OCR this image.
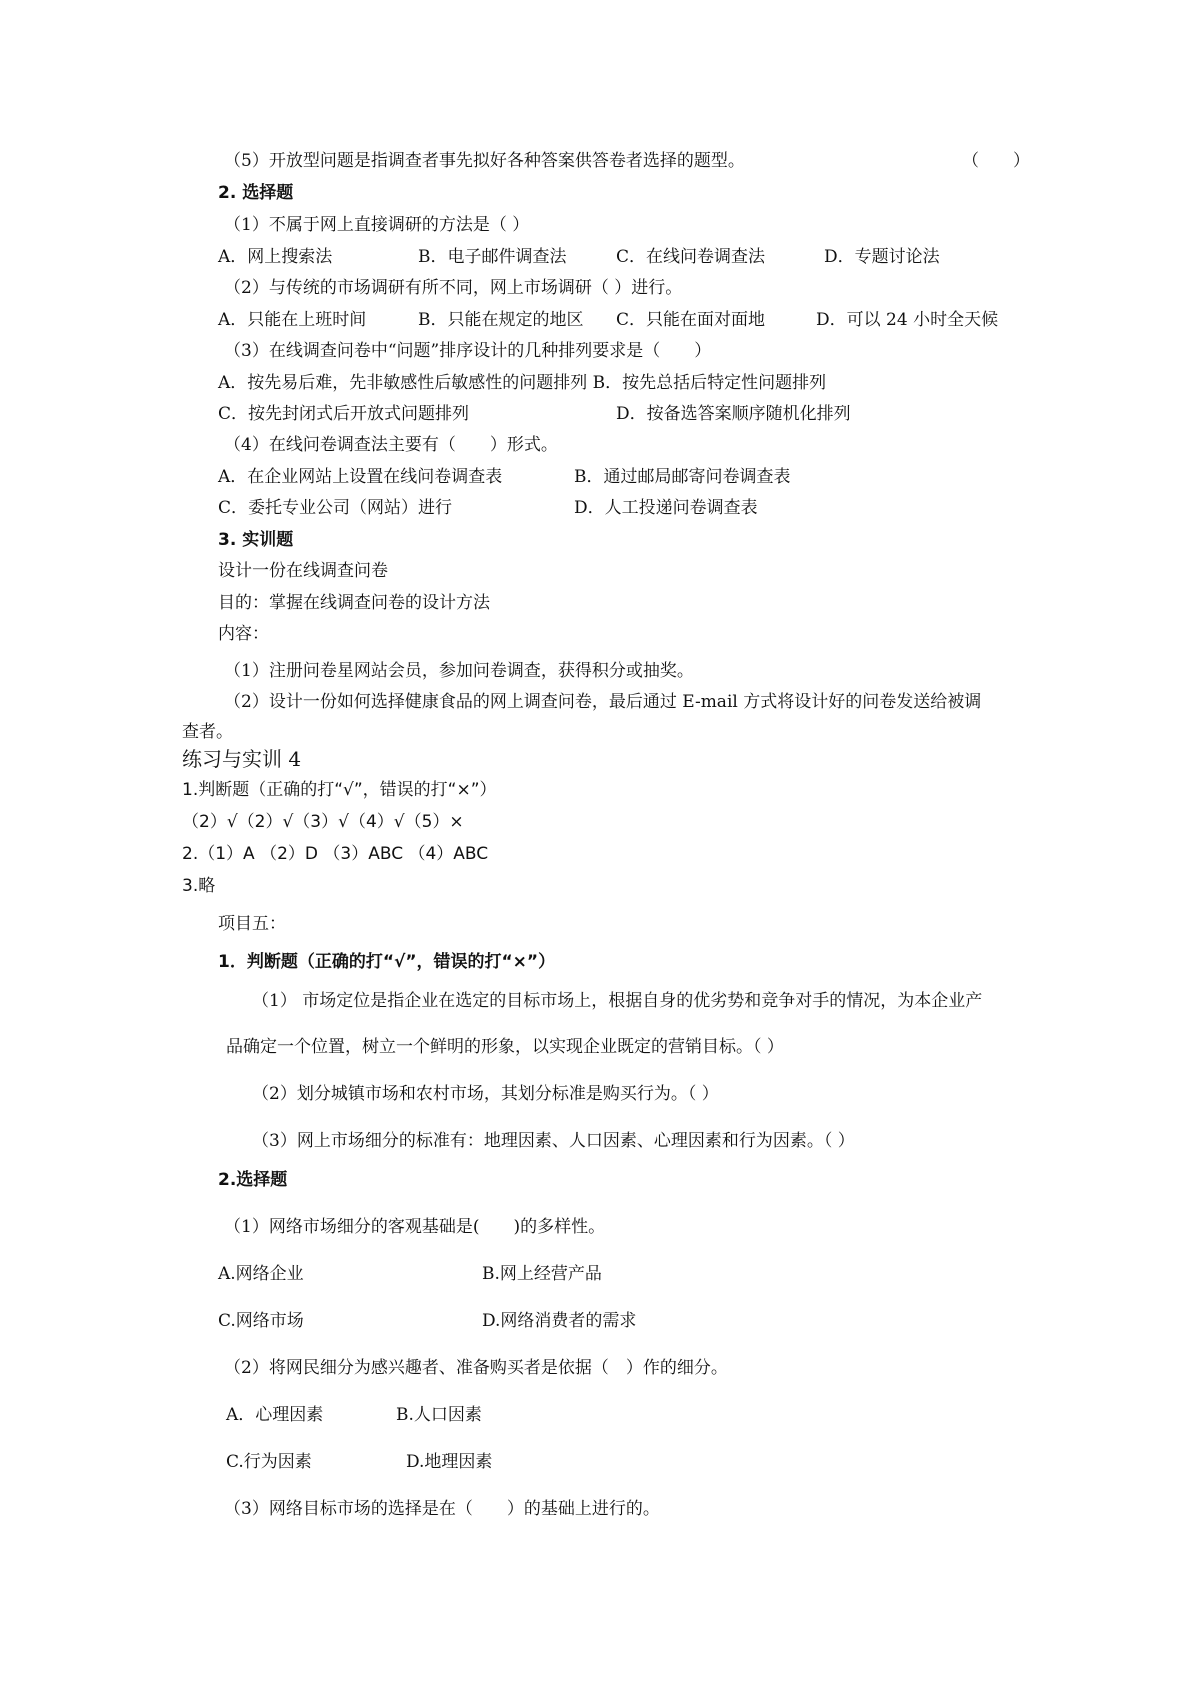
（5）开放型问题是指调查者事先拟好各种答案供答卷者选择的题型。	（　　）
2. 选择题
（1）不属于网上直接调研的方法是（ ）
A．网上搜索法	B．电子邮件调查法	C．在线问卷调查法	D．专题讨论法
（2）与传统的市场调研有所不同，网上市场调研（ ）进行。
A．只能在上班时间	B．只能在规定的地区 C．只能在面对面地	D．可以 24 小时全天候
（3）在线调查问卷中“问题”排序设计的几种排列要求是（　　）
A．按先易后难，先非敏感性后敏感性的问题排列 B．按先总括后特定性问题排列
C．按先封闭式后开放式问题排列	D．按备选答案顺序随机化排列
（4）在线问卷调查法主要有（　　）形式。
A．在企业网站上设置在线问卷调查表	B．通过邮局邮寄问卷调查表
C．委托专业公司（网站）进行	D．人工投递问卷调查表
3. 实训题
设计一份在线调查问卷
目的：掌握在线调查问卷的设计方法
内容：
（1）注册问卷星网站会员，参加问卷调查，获得积分或抽奖。
（2）设计一份如何选择健康食品的网上调查问卷，最后通过 E-mail 方式将设计好的问卷发送给被调
查者。
练习与实训 4
1.判断题（正确的打“√”，错误的打“×”）
（2）√（2）√（3）√（4）√（5）×
2.（1）A （2）D （3）ABC （4）ABC
3.略
项目五：
1．判断题（正确的打“√”，错误的打“×”）
（1） 市场定位是指企业在选定的目标市场上，根据自身的优劣势和竞争对手的情况，为本企业产
品确定一个位置，树立一个鲜明的形象，以实现企业既定的营销目标。（ ）
（2）划分城镇市场和农村市场，其划分标准是购买行为。（ ）
（3）网上市场细分的标准有：地理因素、人口因素、心理因素和行为因素。（ ）
2.选择题
（1）网络市场细分的客观基础是(　　)的多样性。
A.网络企业	B.网上经营产品
C.网络市场	D.网络消费者的需求
（2）将网民细分为感兴趣者、准备购买者是依据（　）作的细分。
A．心理因素	B.人口因素
C.行为因素	D.地理因素
（3）网络目标市场的选择是在（　　）的基础上进行的。
